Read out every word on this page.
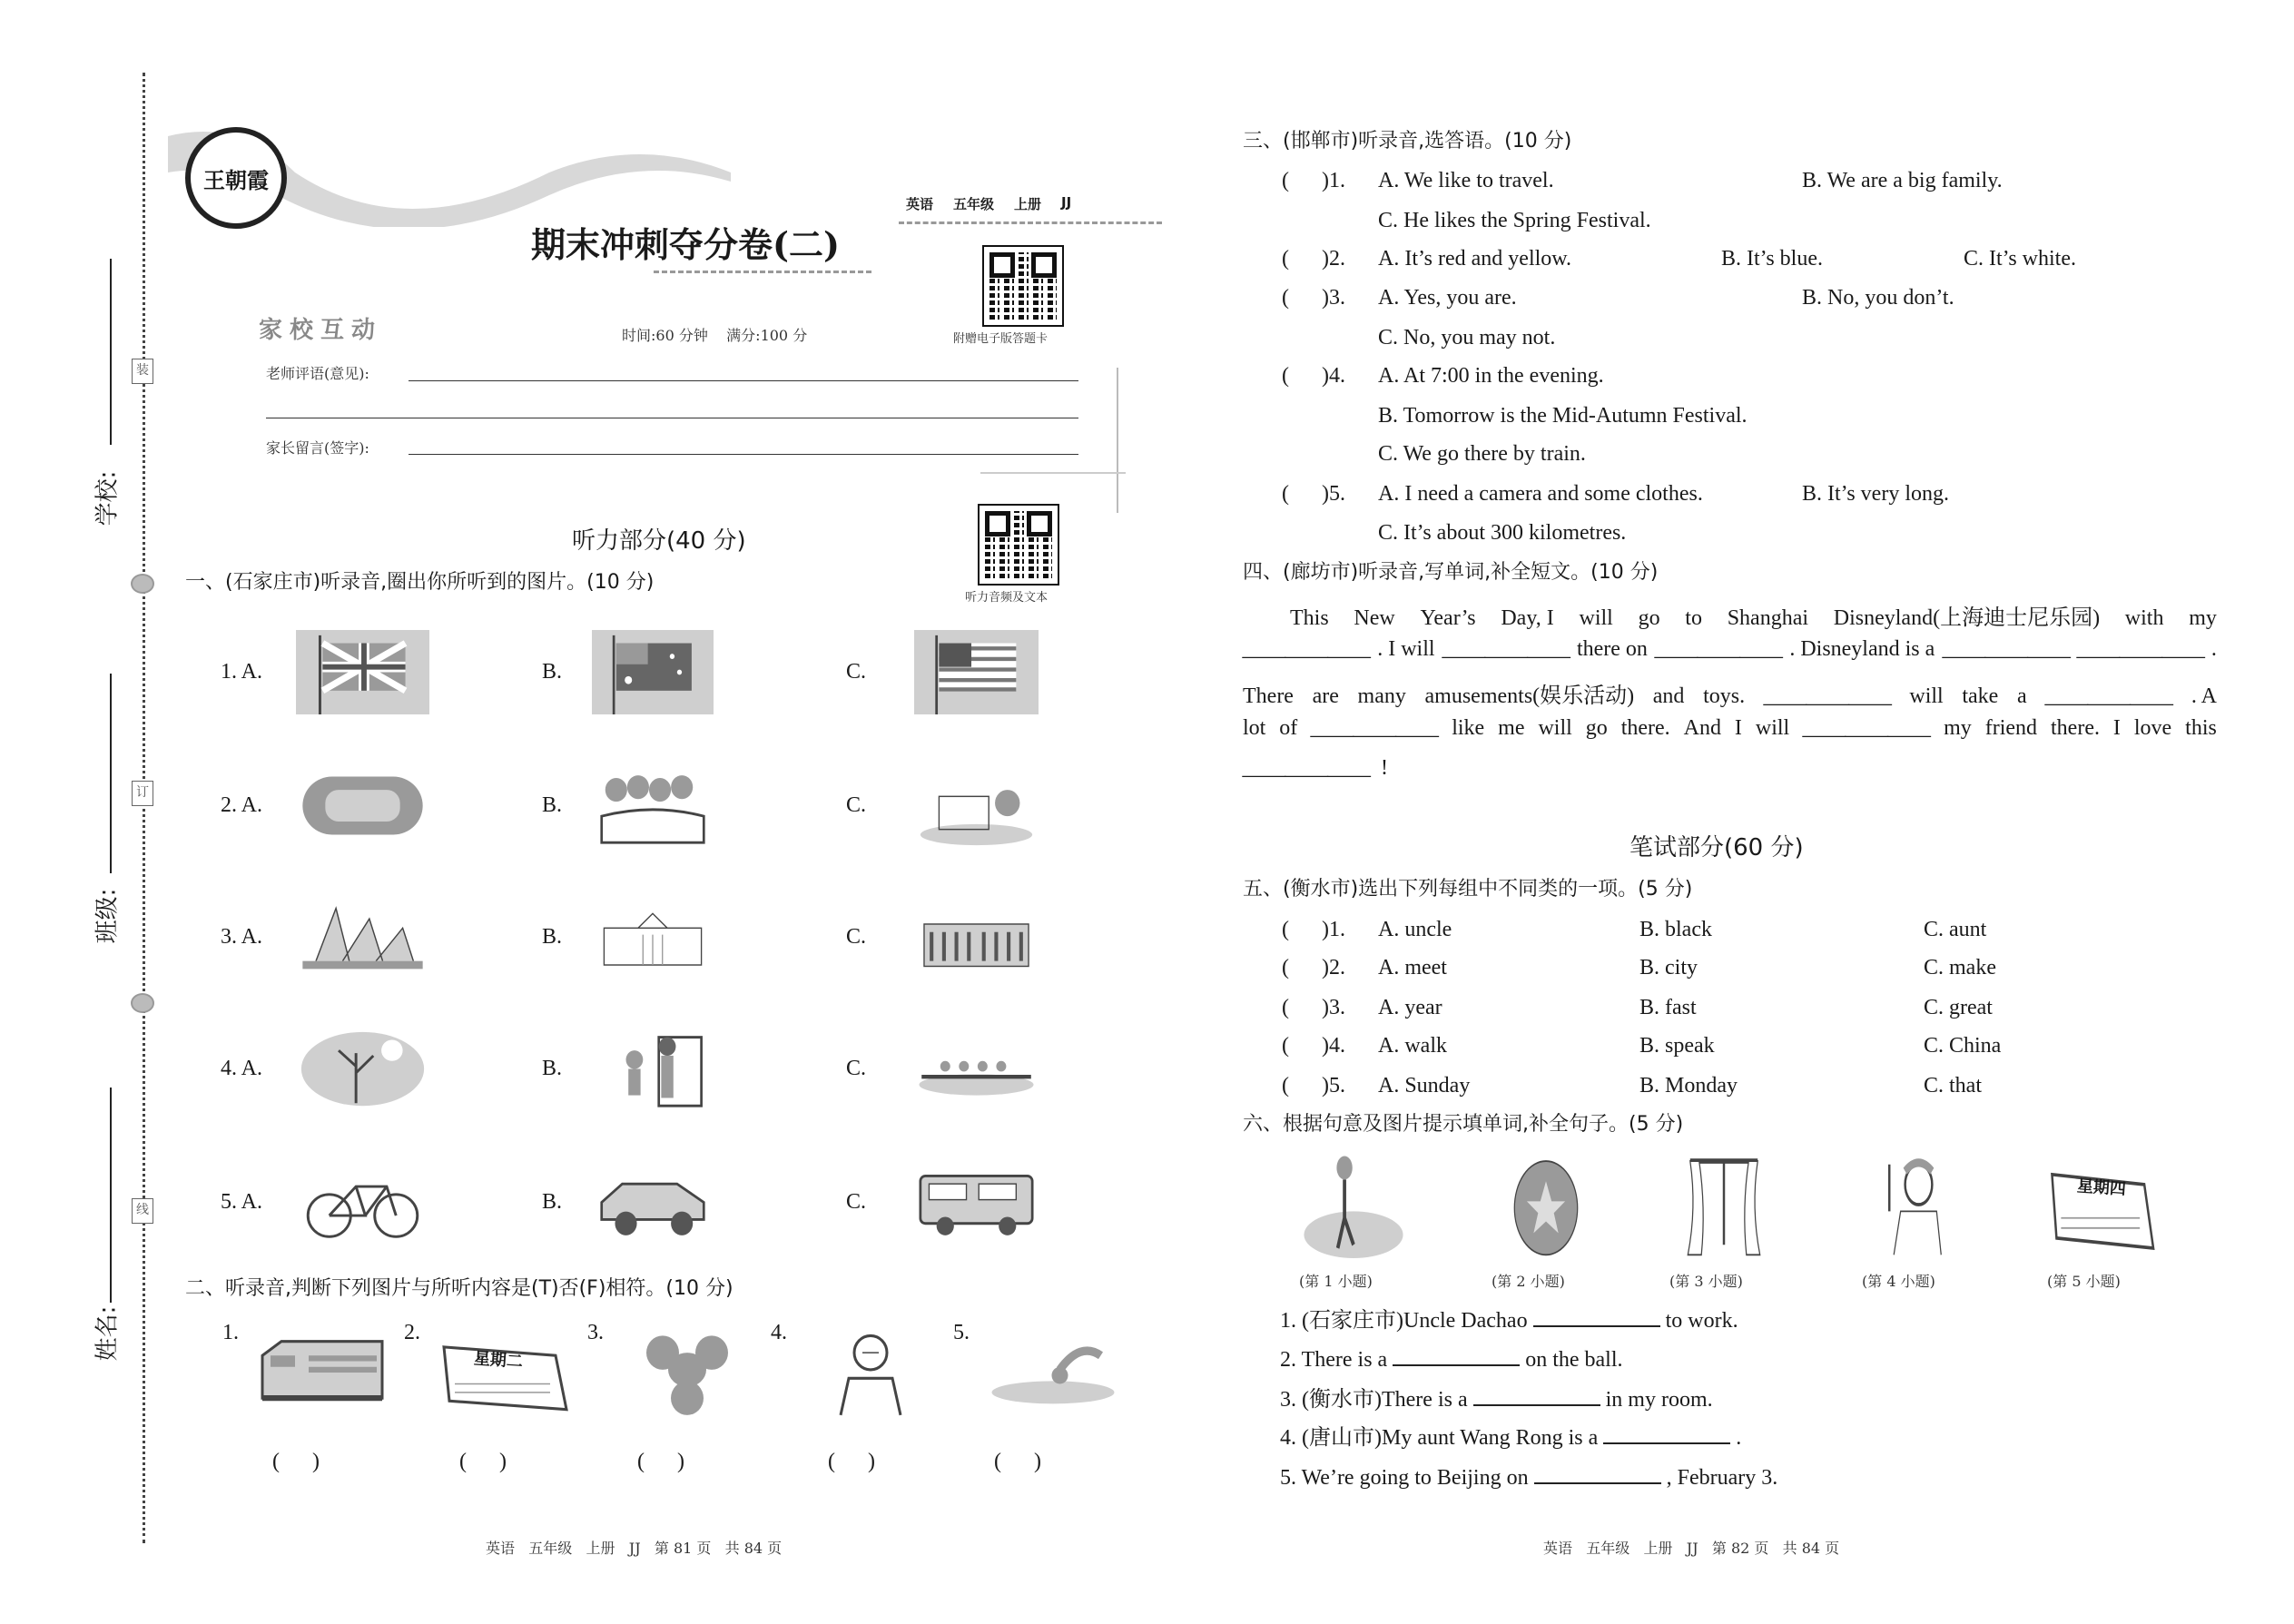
学校:
班级:
姓名:
装
订
线
王朝霞
期末冲刺夺分卷(二)
英语 五年级 上册 JJ
附赠电子版答题卡
家校互动	时间:60 分钟    满分:100 分
老师评语(意见):
家长留言(签字):
听力部分(40 分)
听力音频及文本
一、(石家庄市)听录音,圈出你所听到的图片。(10 分)
1. A.	B.	C.
2. A.	B.	C.
3. A.	B.	C.
4. A.	B.	C.
5. A.	B.	C.
二、听录音,判断下列图片与所听内容是(T)否(F)相符。(10 分)
1.
(      )
2.
星期二
(      )
3.
(      )
4.
(      )
5.
(      )
三、(邯郸市)听录音,选答语。(10 分)
(      )1. A. We like to travel.	B. We are a big family.
C. He likes the Spring Festival.
(      )2. A. It’s red and yellow.	B. It’s blue.	C. It’s white.
(      )3. A. Yes, you are.	B. No, you don’t.
C. No, you may not.
(      )4. A. At 7:00 in the evening.
B. Tomorrow is the Mid-Autumn Festival.
C. We go there by train.
(      )5. A. I need a camera and some clothes.	B. It’s very long.
C. It’s about 300 kilometres.
四、(廊坊市)听录音,写单词,补全短文。(10 分)
This New Year’s Day, I will go to Shanghai Disneyland(上海迪士尼乐园) with my
___ . I will ___ there on ___ . Disneyland is a ___ ___ .
There are many amusements(娱乐活动) and toys. ___ will take a ___ . A
lot of ___ like me will go there. And I will ___ my friend there. I love this
___ !
笔试部分(60 分)
五、(衡水市)选出下列每组中不同类的一项。(5 分)
(      )1. A. uncle	B. black	C. aunt
(      )2. A. meet	B. city	C. make
(      )3. A. year	B. fast	C. great
(      )4. A. walk	B. speak	C. China
(      )5. A. Sunday	B. Monday	C. that
六、根据句意及图片提示填单词,补全句子。(5 分)
(第 1 小题)	(第 2 小题)	(第 3 小题)	(第 4 小题)
星期四
(第 5 小题)
1. (石家庄市)Uncle Dachao	to work.
2. There is a	on the ball.
3. (衡水市)There is a	in my room.
4. (唐山市)My aunt Wang Rong is a	.
5. We’re going to Beijing on	, February 3.
英语   五年级   上册   JJ   第 81 页   共 84 页	英语   五年级   上册   JJ   第 82 页   共 84 页
